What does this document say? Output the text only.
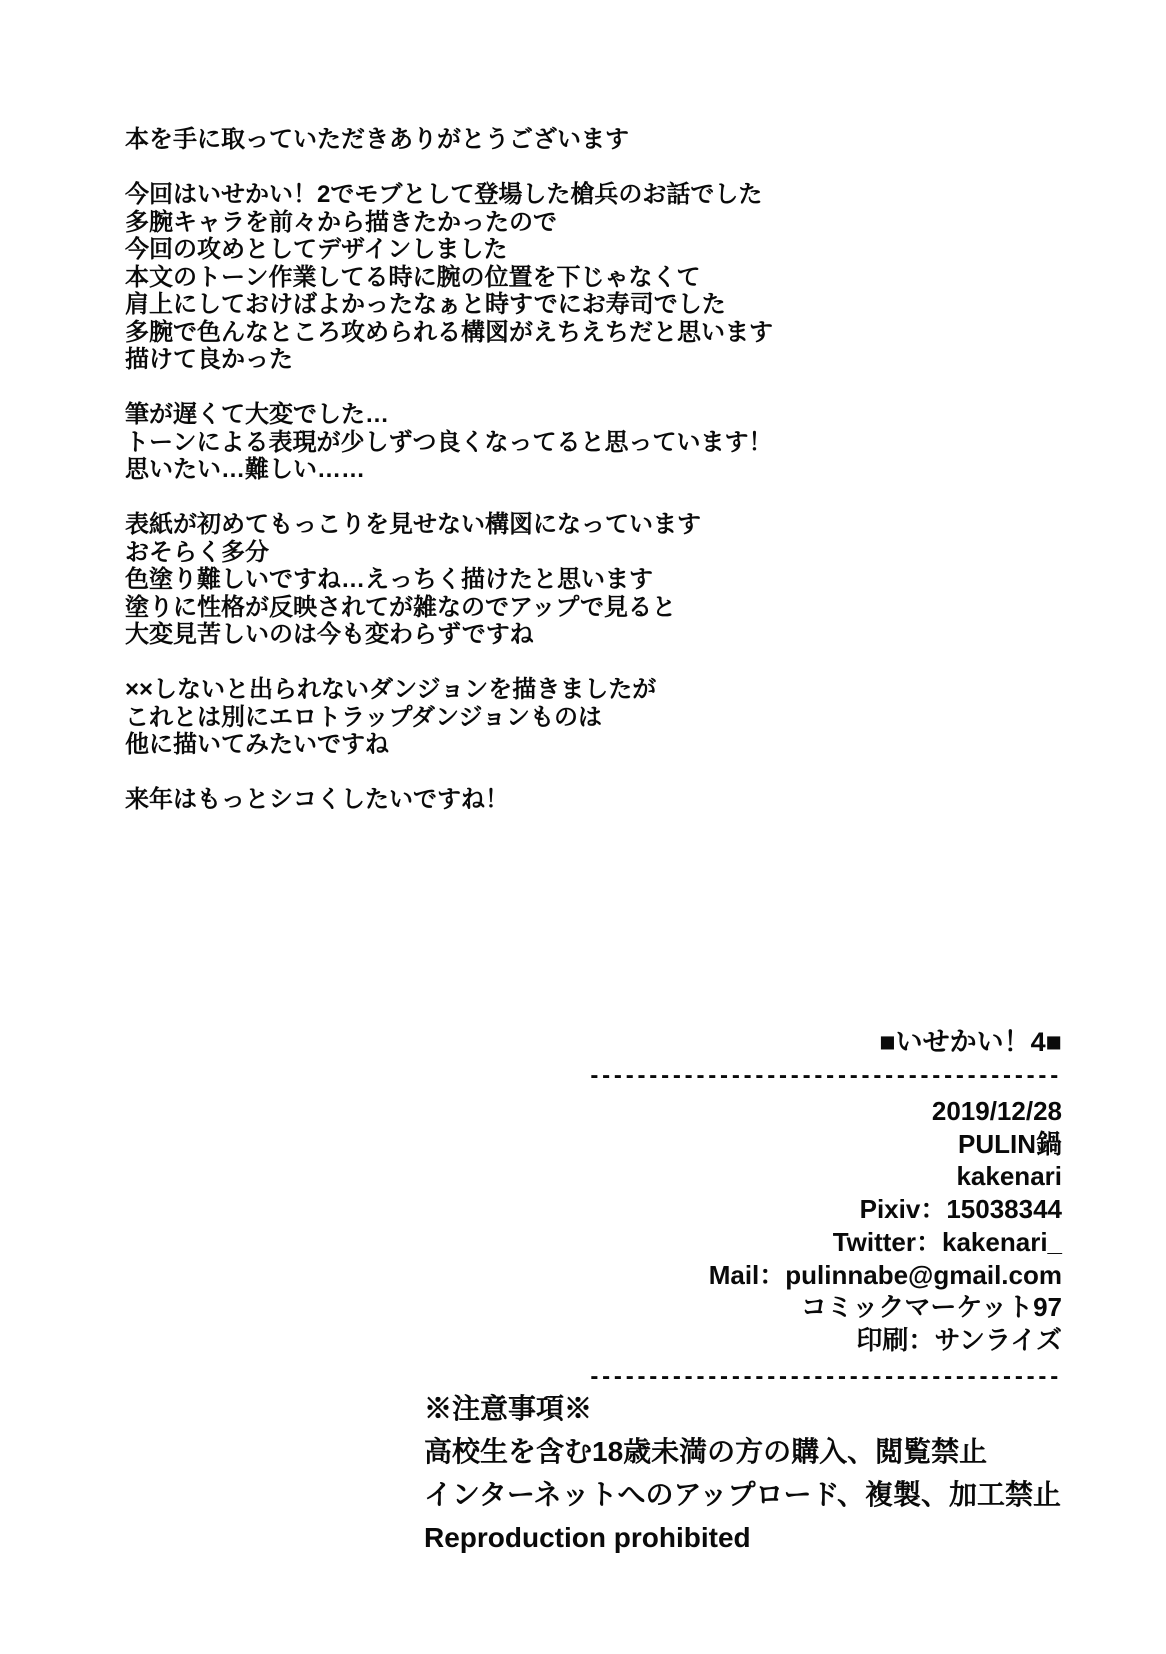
本を手に取っていただきありがとうございます
今回はいせかい！2でモブとして登場した槍兵のお話でした
多腕キャラを前々から描きたかったので
今回の攻めとしてデザインしました
本文のトーン作業してる時に腕の位置を下じゃなくて
肩上にしておけばよかったなぁと時すでにお寿司でした
多腕で色んなところ攻められる構図がえちえちだと思います
描けて良かった
筆が遅くて大変でした…
トーンによる表現が少しずつ良くなってると思っています！
思いたい…難しい……
表紙が初めてもっこりを見せない構図になっています
おそらく多分
色塗り難しいですね…えっちく描けたと思います
塗りに性格が反映されてが雑なのでアップで見ると
大変見苦しいのは今も変わらずですね
××しないと出られないダンジョンを描きましたが
これとは別にエロトラップダンジョンものは
他に描いてみたいですね
来年はもっとシコくしたいですね！
■いせかい！4■
----------------------------------------
2019/12/28
PULIN鍋
kakenari
Pixiv：15038344
Twitter：kakenari_
Mail：pulinnabe@gmail.com
コミックマーケット97
印刷：サンライズ
----------------------------------------
※注意事項※
高校生を含む18歳未満の方の購入、閲覧禁止
インターネットへのアップロード、複製、加工禁止
Reproduction prohibited
